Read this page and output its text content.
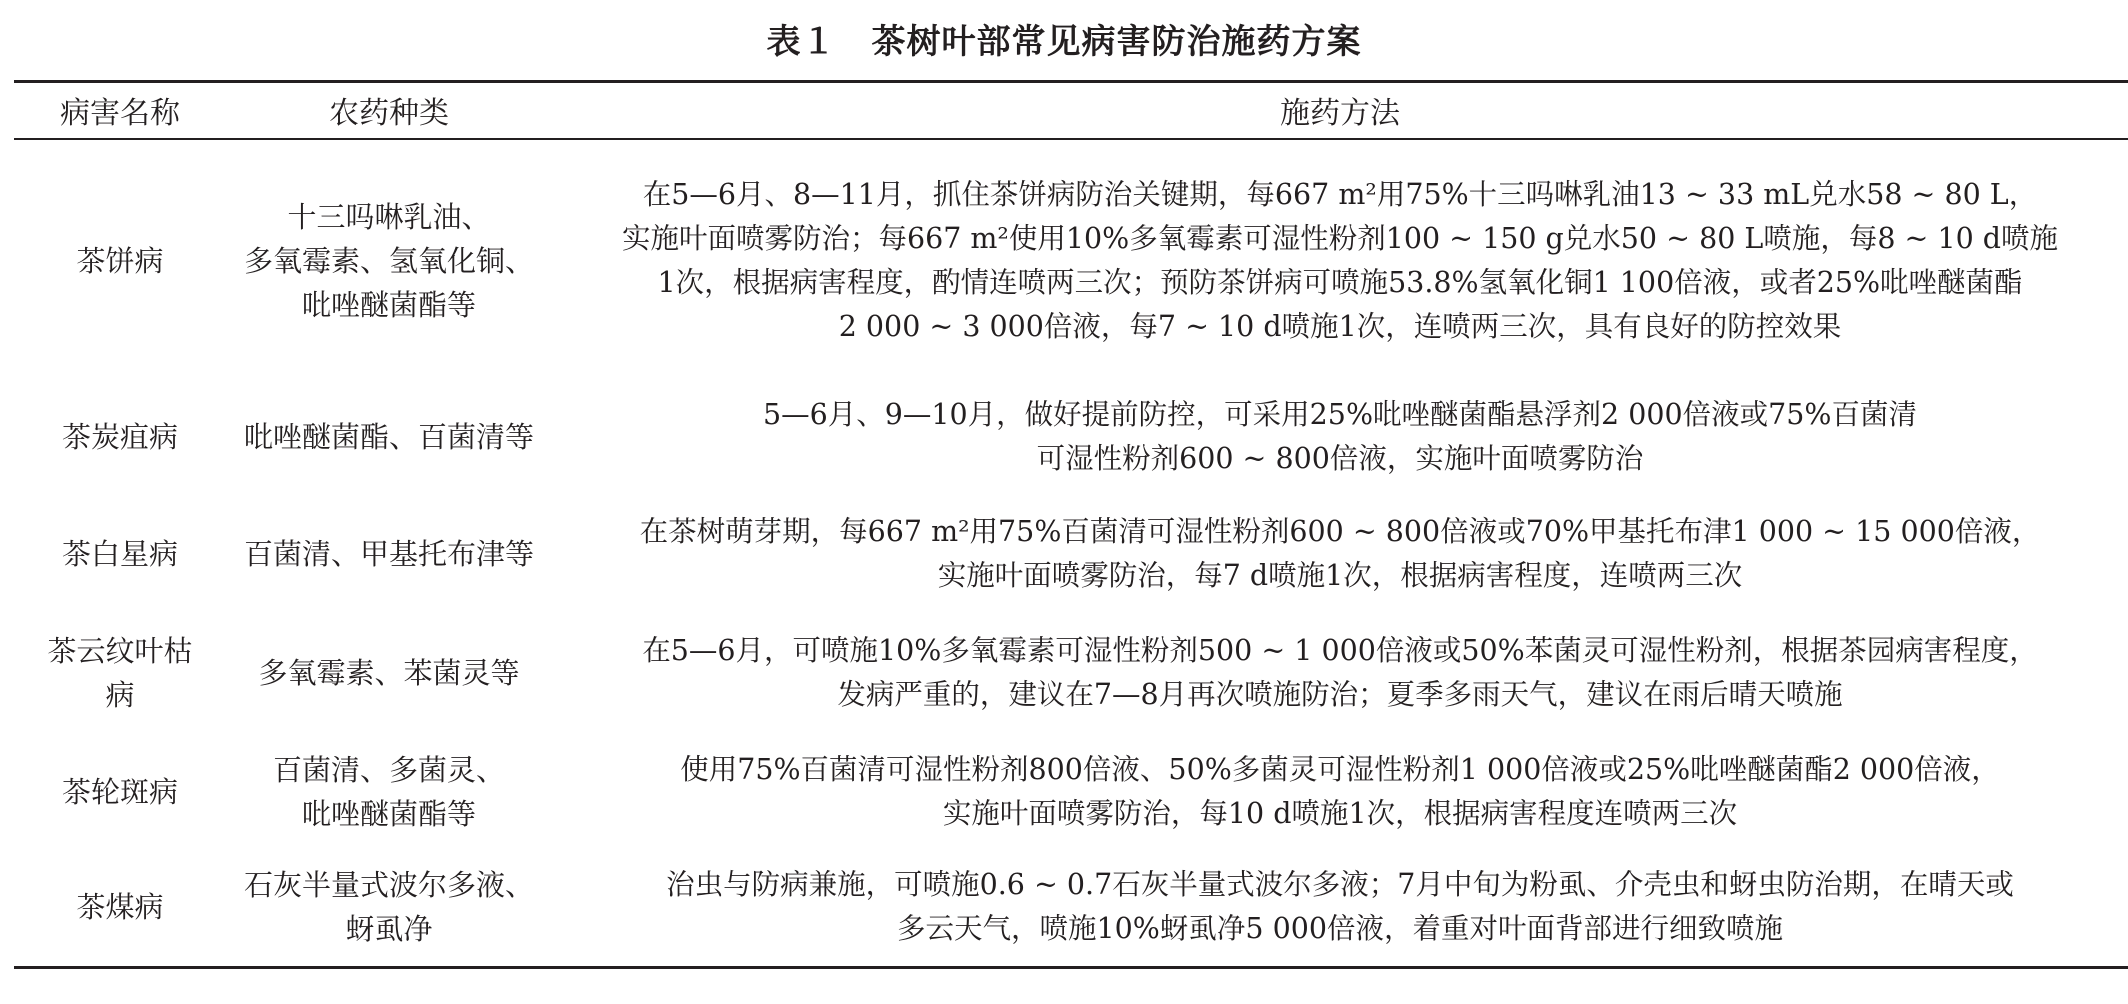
表１　茶树叶部常见病害防治施药方案
病害名称	农药种类	施药方法
茶饼病
十三吗啉乳油、
多氧霉素、氢氧化铜、
吡唑醚菌酯等
在5—6月、8—11月，抓住茶饼病防治关键期，每667 m²用75%十三吗啉乳油13 ~ 33 mL兑水58 ~ 80 L，
实施叶面喷雾防治；每667 m²使用10%多氧霉素可湿性粉剂100 ~ 150 g兑水50 ~ 80 L喷施，每8 ~ 10 d喷施
1次，根据病害程度，酌情连喷两三次；预防茶饼病可喷施53.8%氢氧化铜1 100倍液，或者25%吡唑醚菌酯
2 000 ~ 3 000倍液，每7 ~ 10 d喷施1次，连喷两三次，具有良好的防控效果
茶炭疽病 吡唑醚菌酯、百菌清等
5—6月、9—10月，做好提前防控，可采用25%吡唑醚菌酯悬浮剂2 000倍液或75%百菌清
可湿性粉剂600 ~ 800倍液，实施叶面喷雾防治
茶白星病 百菌清、甲基托布津等
在茶树萌芽期，每667 m²用75%百菌清可湿性粉剂600 ~ 800倍液或70%甲基托布津1 000 ~ 15 000倍液，
实施叶面喷雾防治，每7 d喷施1次，根据病害程度，连喷两三次
茶云纹叶枯
病
多氧霉素、苯菌灵等
在5—6月，可喷施10%多氧霉素可湿性粉剂500 ~ 1 000倍液或50%苯菌灵可湿性粉剂，根据茶园病害程度，
发病严重的，建议在7—8月再次喷施防治；夏季多雨天气，建议在雨后晴天喷施
茶轮斑病
百菌清、多菌灵、
吡唑醚菌酯等
使用75%百菌清可湿性粉剂800倍液、50%多菌灵可湿性粉剂1 000倍液或25%吡唑醚菌酯2 000倍液，
实施叶面喷雾防治，每10 d喷施1次，根据病害程度连喷两三次
茶煤病
石灰半量式波尔多液、
蚜虱净
治虫与防病兼施，可喷施0.6 ~ 0.7石灰半量式波尔多液；7月中旬为粉虱、介壳虫和蚜虫防治期，在晴天或
多云天气，喷施10%蚜虱净5 000倍液，着重对叶面背部进行细致喷施
